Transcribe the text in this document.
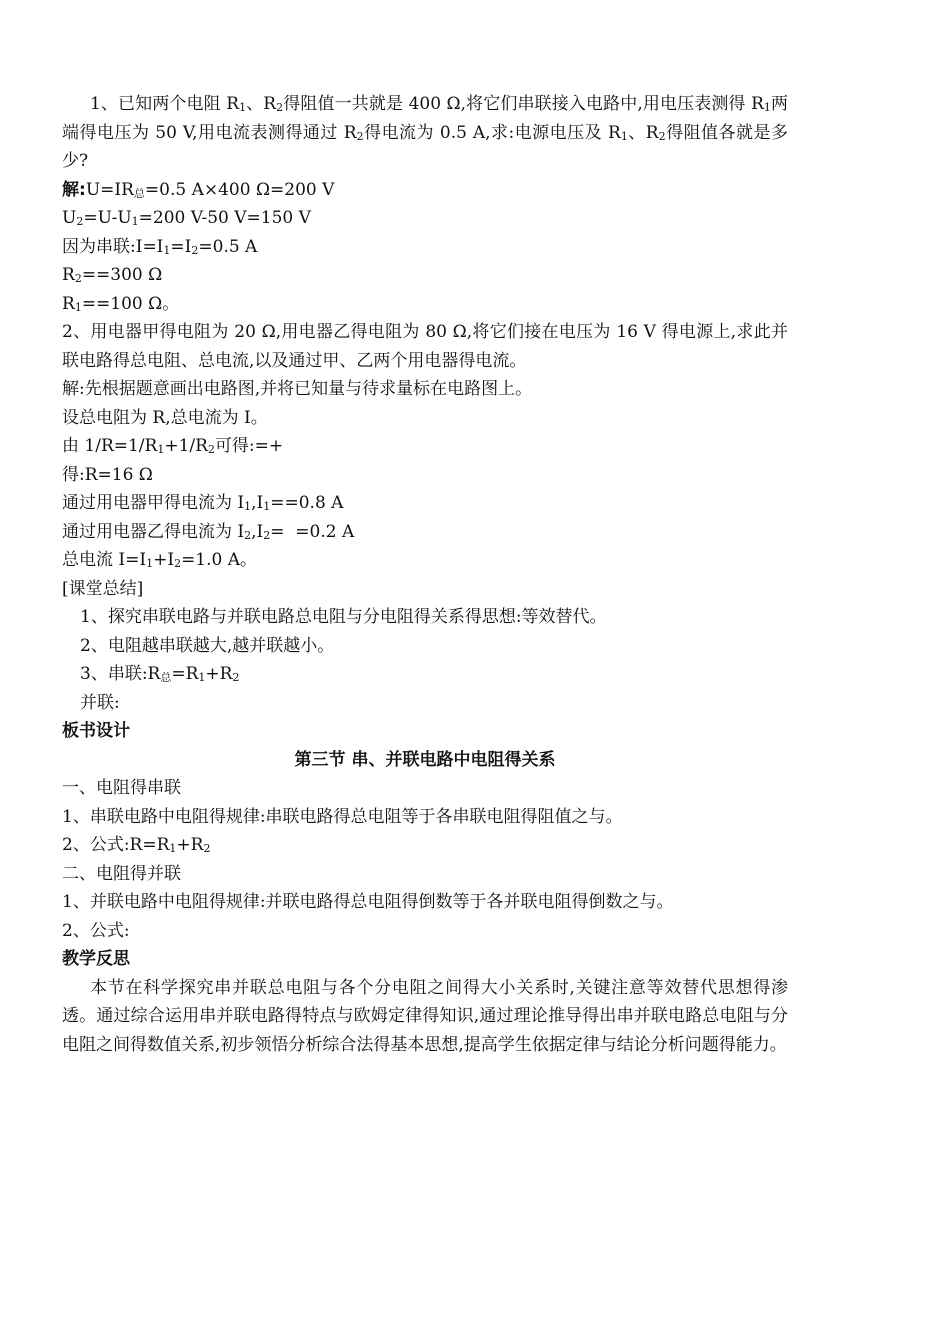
1、已知两个电阻 $R_1$、$R_2$得阻值一共就是 400 Ω,将它们串联接入电路中,用电压表测得 $R_1$两端得电压为 50 V,用电流表测得通过 $R_2$得电流为 0.5 A,求:电源电压及 $R_1$、$R_2$得阻值各就是多少?

解:U=IR总=0.5 A×400 Ω=200 V

$U_2=U-U_1=200$ V-50 V=150 V

因为串联$:I=I_1=I_2=0.5$ A

$R_2==300$ Ω

$R_1==100$ Ω。

2、用电器甲得电阻为 20 Ω,用电器乙得电阻为 80 Ω,将它们接在电压为 16 V 得电源上,求此并联电路得总电阻、总电流,以及通过甲、乙两个用电器得电流。

解:先根据题意画出电路图,并将已知量与待求量标在电路图上。

设总电阻为 R,总电流为 I。

由 $1/R=1/R_1+1/R_2$可得:=+

得:R=16 Ω

通过用电器甲得电流为 $I_1,I_1==0.8$ A

通过用电器乙得电流为 $I_2,I_2= =0.2$ A

总电流 $I=I_1+I_2=1.0$ A。

[课堂总结]

1、探究串联电路与并联电路总电阻与分电阻得关系得思想:等效替代。

2、电阻越串联越大,越并联越小。

3、串联:R总$=R_1+R_2$

并联:

板书设计

第三节 串、并联电路中电阻得关系

一、电阻得串联

1、串联电路中电阻得规律:串联电路得总电阻等于各串联电阻得阻值之与。

2、公式$:R=R_1+R_2$

二、电阻得并联

1、并联电路中电阻得规律:并联电路得总电阻得倒数等于各并联电阻得倒数之与。

2、公式:

教学反思

本节在科学探究串并联总电阻与各个分电阻之间得大小关系时,关键注意等效替代思想得渗透。通过综合运用串并联电路得特点与欧姆定律得知识,通过理论推导得出串并联电路总电阻与分电阻之间得数值关系,初步领悟分析综合法得基本思想,提高学生依据定律与结论分析问题得能力。
